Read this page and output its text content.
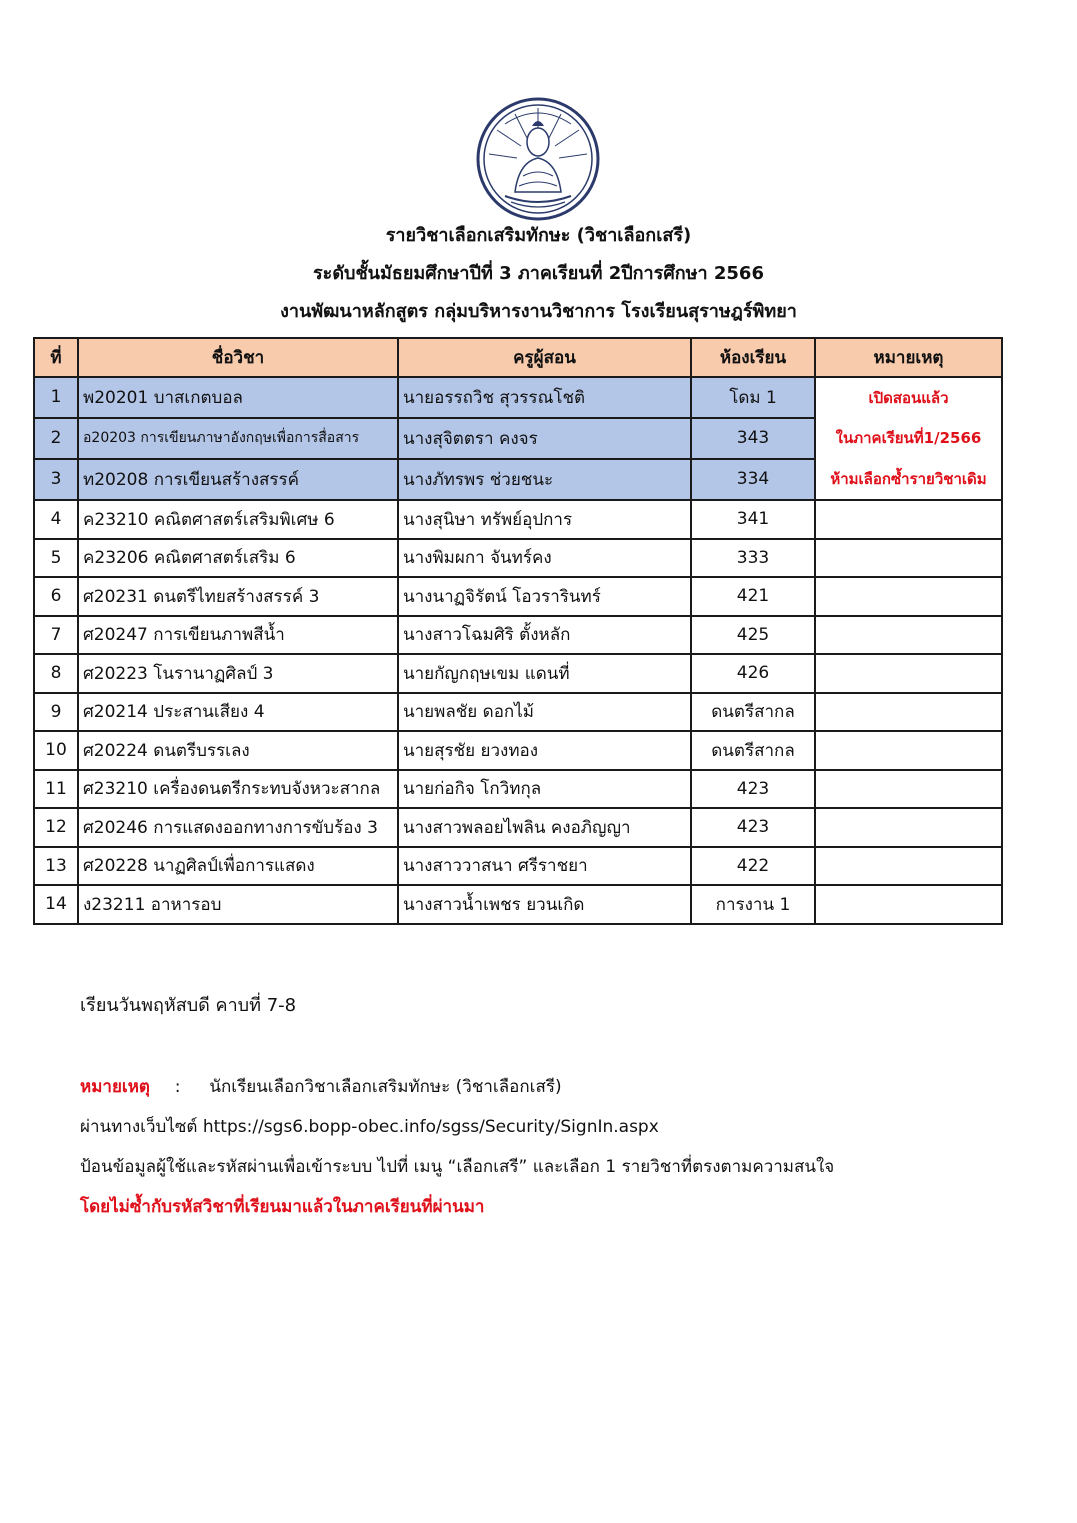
รายวิชาเลือกเสริมทักษะ (วิชาเลือกเสรี)
ระดับชั้นมัธยมศึกษาปีที่ 3 ภาคเรียนที่ 2ปีการศึกษา 2566
งานพัฒนาหลักสูตร กลุ่มบริหารงานวิชาการ โรงเรียนสุราษฎร์พิทยา
ที่	ชื่อวิชา	ครูผู้สอน	ห้องเรียน	หมายเหตุ
1	พ20201 บาสเกตบอล	นายอรรถวิช สุวรรณโชติ	โดม 1	เปิดสอนแล้ว
ในภาคเรียนที่1/2566
ห้ามเลือกซ้ำรายวิชาเดิม

2	อ20203 การเขียนภาษาอังกฤษเพื่อการสื่อสาร	นางสุจิตตรา คงจร	343	
3	ท20208 การเขียนสร้างสรรค์	นางภัทรพร ช่วยชนะ	334	
4	ค23210 คณิตศาสตร์เสริมพิเศษ 6	นางสุนิษา ทรัพย์อุปการ	341	
5	ค23206 คณิตศาสตร์เสริม 6	นางพิมผกา จันทร์คง	333	
6	ศ20231 ดนตรีไทยสร้างสรรค์ 3	นางนาฏจิรัตน์ โอวรารินทร์	421	
7	ศ20247 การเขียนภาพสีน้ำ	นางสาวโฉมศิริ ตั้งหลัก	425	
8	ศ20223 โนรานาฏศิลป์ 3	นายกัญกฤษเขม แดนที่	426	
9	ศ20214 ประสานเสียง 4	นายพลชัย ดอกไม้	ดนตรีสากล	
10	ศ20224 ดนตรีบรรเลง	นายสุรชัย ยวงทอง	ดนตรีสากล	
11	ศ23210 เครื่องดนตรีกระทบจังหวะสากล	นายก่อกิจ โกวิทกุล	423	
12	ศ20246 การแสดงออกทางการขับร้อง 3	นางสาวพลอยไพลิน คงอภิญญา	423	
13	ศ20228 นาฏศิลป์เพื่อการแสดง	นางสาววาสนา ศรีราชยา	422	
14	ง23211 อาหารอบ	นางสาวน้ำเพชร ยวนเกิด	การงาน 1	
เรียนวันพฤหัสบดี คาบที่ 7-8
หมายเหตุ : นักเรียนเลือกวิชาเลือกเสริมทักษะ (วิชาเลือกเสรี)
ผ่านทางเว็บไซต์ https://sgs6.bopp-obec.info/sgss/Security/SignIn.aspx
ป้อนข้อมูลผู้ใช้และรหัสผ่านเพื่อเข้าระบบ ไปที่ เมนู “เลือกเสรี” และเลือก 1 รายวิชาที่ตรงตามความสนใจ
โดยไม่ซ้ำกับรหัสวิชาที่เรียนมาแล้วในภาคเรียนที่ผ่านมา
